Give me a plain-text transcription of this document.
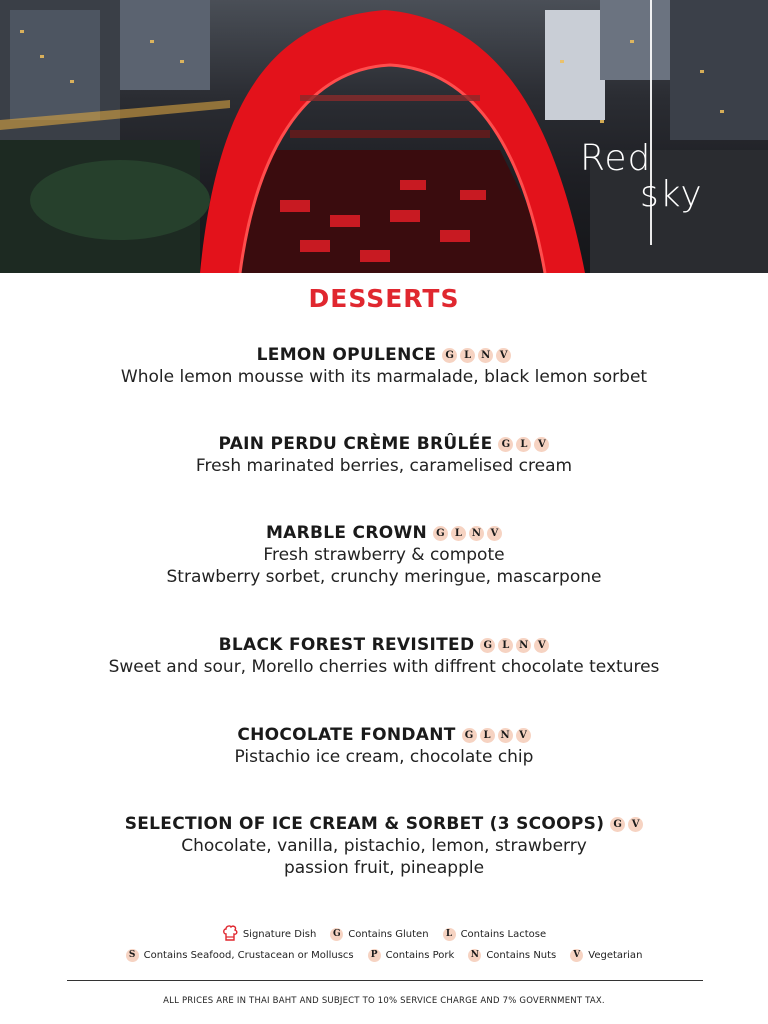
Red
sky
DESSERTS
LEMON OPULENCE G L N V
Whole lemon mousse with its marmalade, black lemon sorbet
PAIN PERDU CRÈME BRÛLÉE G L	V
Fresh marinated berries, caramelised cream
MARBLE CROWN G L N V
Fresh strawberry & compote
Strawberry sorbet, crunchy meringue, mascarpone
BLACK FOREST REVISITED G L N V
Sweet and sour, Morello cherries with diffrent chocolate textures
CHOCOLATE FONDANT G L N V
Pistachio ice cream, chocolate chip
SELECTION OF ICE CREAM & SORBET (3 SCOOPS) G V
Chocolate, vanilla, pistachio, lemon, strawberry
passion fruit, pineapple
Signature Dish G Contains Gluten	L Contains Lactose
S Contains Seafood, Crustacean or Molluscs	P Contains Pork N Contains Nuts	V Vegetarian
ALL PRICES ARE IN THAI BAHT AND SUBJECT TO 10% SERVICE CHARGE AND 7% GOVERNMENT TAX.
